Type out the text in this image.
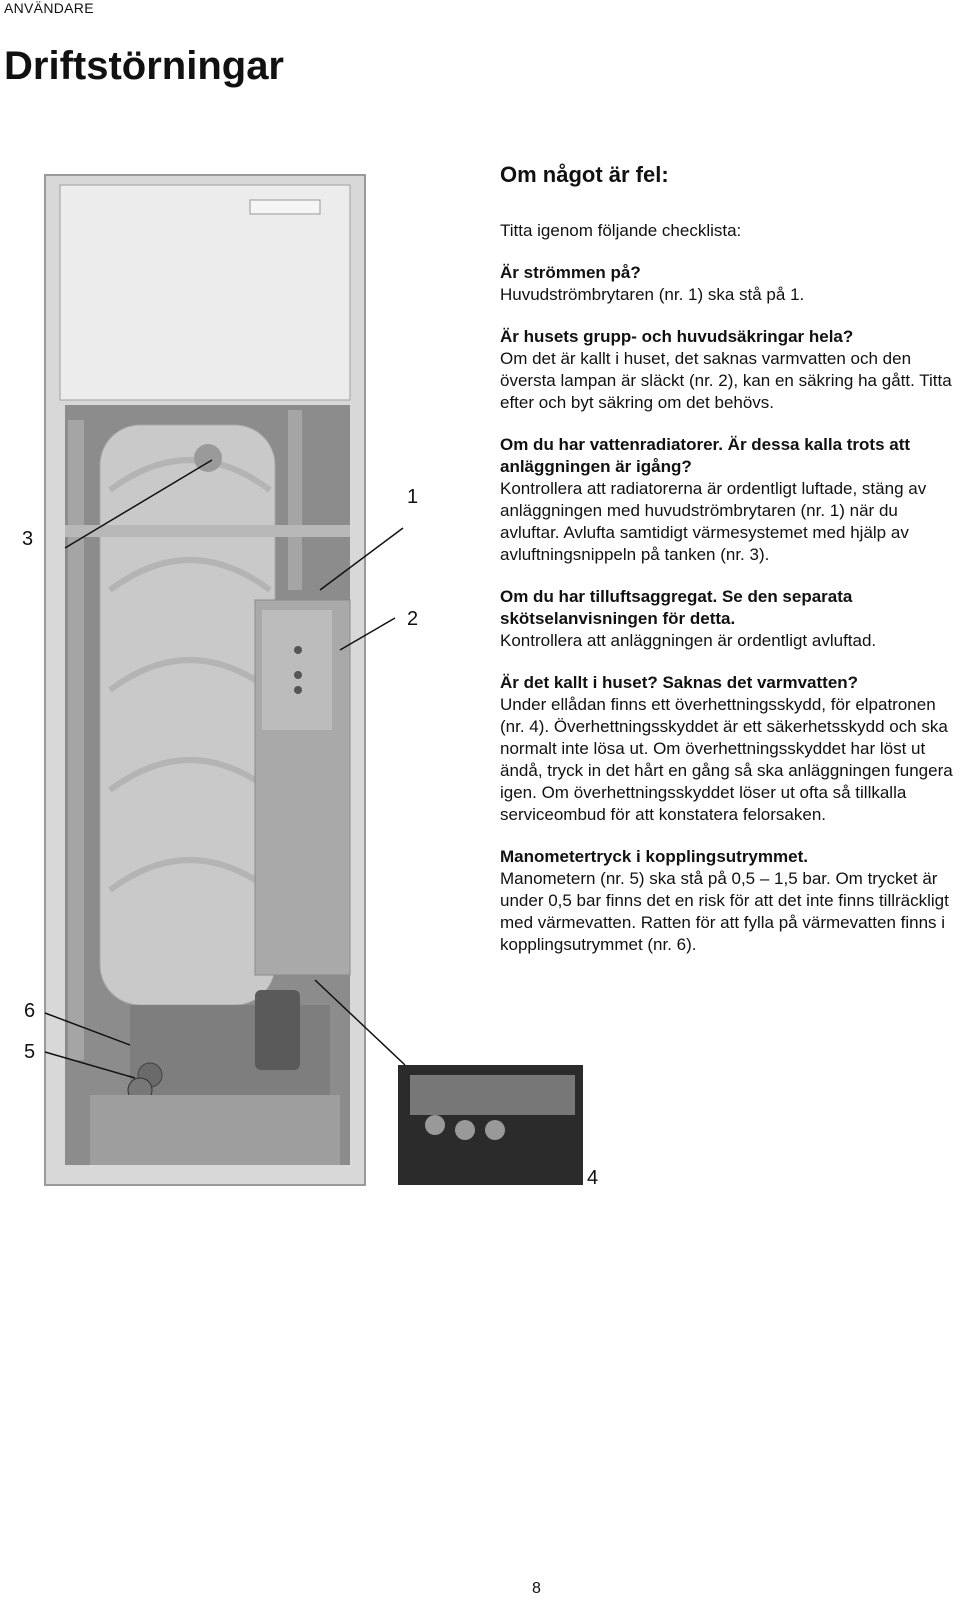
ANVÄNDARE
Driftstörningar
1
2
3
4
5
6
Om något är fel:

Titta igenom följande checklista:

Är strömmen på?
Huvudströmbrytaren (nr. 1) ska stå på 1.
Är husets grupp- och huvudsäkringar hela?
Om det är kallt i huset, det saknas varmvatten och den översta lampan är släckt (nr. 2), kan en säkring ha gått. Titta efter och byt säkring om det behövs.
Om du har vattenradiatorer. Är dessa kalla trots att anläggningen är igång?
Kontrollera att radiatorerna är ordentligt luftade, stäng av anläggningen med huvudströmbrytaren (nr. 1) när du avluftar. Avlufta samtidigt värmesystemet med hjälp av avluftningsnippeln på tanken (nr. 3).
Om du har tilluftsaggregat. Se den separata skötselanvisningen för detta.
Kontrollera att anläggningen är ordentligt avluftad.
Är det kallt i huset? Saknas det varmvatten?
Under ellådan finns ett överhettningsskydd, för elpatronen (nr. 4). Överhettningsskyddet är ett säkerhetsskydd och ska normalt inte lösa ut. Om överhettningsskyddet har löst ut ändå, tryck in det hårt en gång så ska anläggningen fungera igen. Om överhettningsskyddet löser ut ofta så tillkalla serviceombud för att konstatera felorsaken.
Manometertryck i kopplingsutrymmet.
Manometern (nr. 5) ska stå på 0,5 – 1,5 bar. Om trycket är under 0,5 bar finns det en risk för att det inte finns tillräckligt med värmevatten. Ratten för att fylla på värmevatten finns i kopplingsutrymmet (nr. 6).
8
